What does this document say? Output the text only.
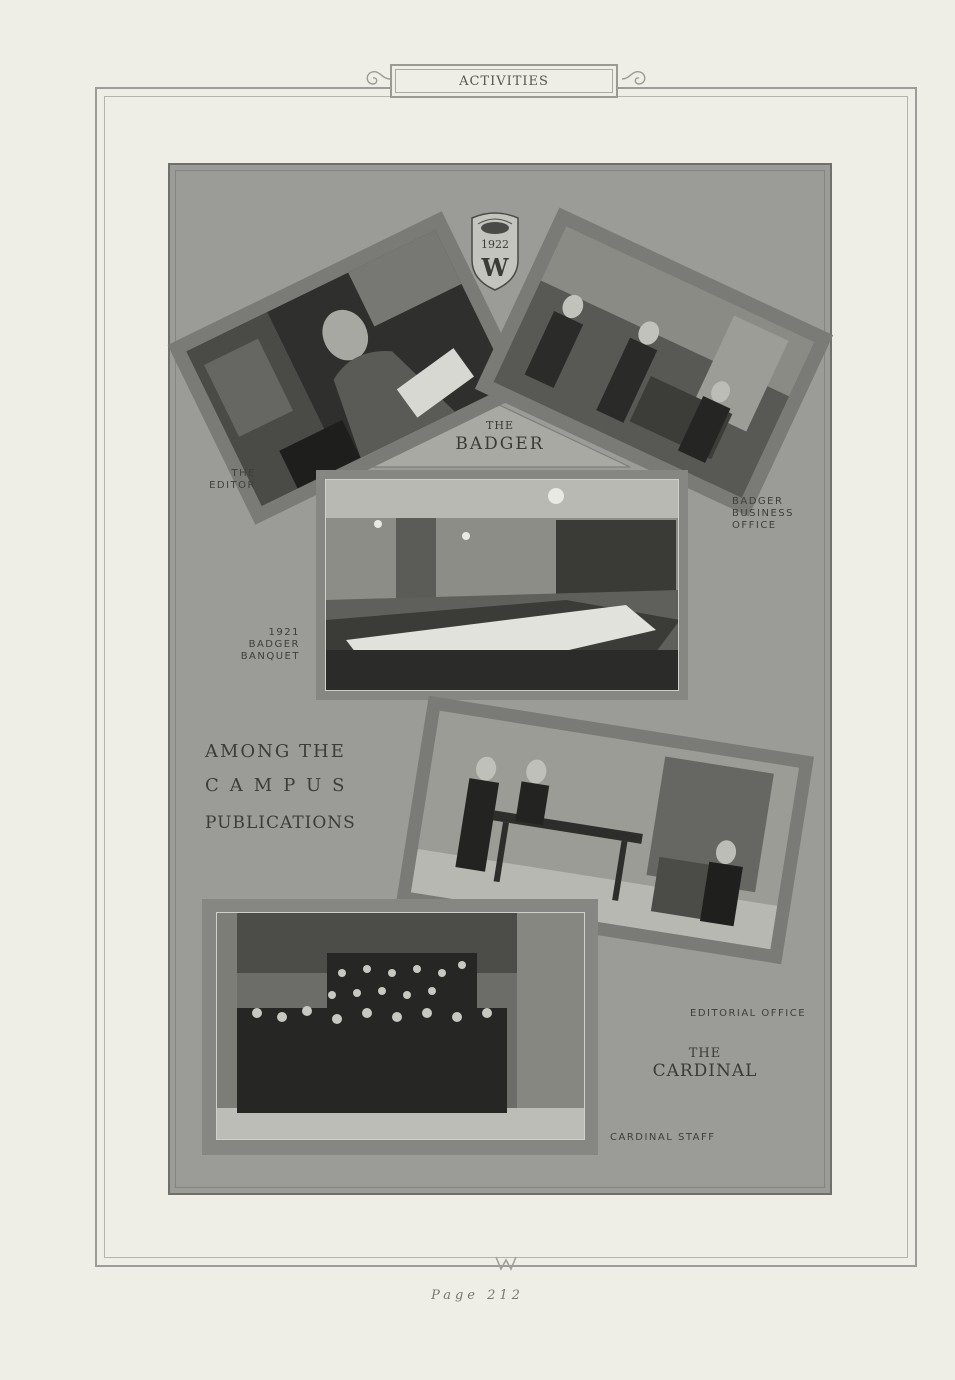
ACTIVITIES
1922
W
THE
BADGER
THE
EDITOR
BADGER
BUSINESS
OFFICE
1921
BADGER
BANQUET
EDITORIAL OFFICE
CARDINAL STAFF
AMONG THE
CAMPUS
PUBLICATIONS
THE
CARDINAL
Page 212
